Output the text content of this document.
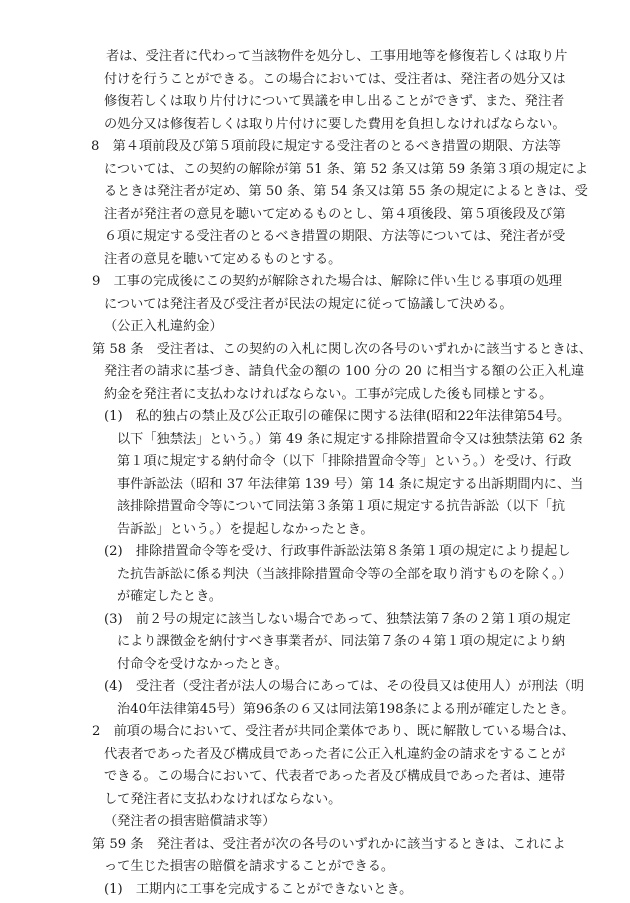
者は、受注者に代わって当該物件を処分し、工事用地等を修復若しくは取り片
付けを行うことができる。この場合においては、受注者は、発注者の処分又は
修復若しくは取り片付けについて異議を申し出ることができず、また、発注者
の処分又は修復若しくは取り片付けに要した費用を負担しなければならない。
8　第４項前段及び第５項前段に規定する受注者のとるべき措置の期限、方法等
については、この契約の解除が第 51 条、第 52 条又は第 59 条第３項の規定によ
るときは発注者が定め、第 50 条、第 54 条又は第 55 条の規定によるときは、受
注者が発注者の意見を聴いて定めるものとし、第４項後段、第５項後段及び第
６項に規定する受注者のとるべき措置の期限、方法等については、発注者が受
注者の意見を聴いて定めるものとする。
9　工事の完成後にこの契約が解除された場合は、解除に伴い生じる事項の処理
については発注者及び受注者が民法の規定に従って協議して決める。
（公正入札違約金）
第 58 条　受注者は、この契約の入札に関し次の各号のいずれかに該当するときは、
発注者の請求に基づき、請負代金の額の 100 分の 20 に相当する額の公正入札違
約金を発注者に支払わなければならない。工事が完成した後も同様とする。
(1)　私的独占の禁止及び公正取引の確保に関する法律(昭和22年法律第54号。
以下「独禁法」という。）第 49 条に規定する排除措置命令又は独禁法第 62 条
第１項に規定する納付命令（以下「排除措置命令等」という。）を受け、行政
事件訴訟法（昭和 37 年法律第 139 号）第 14 条に規定する出訴期間内に、当
該排除措置命令等について同法第３条第１項に規定する抗告訴訟（以下「抗
告訴訟」という。）を提起しなかったとき。
(2)　排除措置命令等を受け、行政事件訴訟法第８条第１項の規定により提起し
た抗告訴訟に係る判決（当該排除措置命令等の全部を取り消すものを除く。）
が確定したとき。
(3)　前２号の規定に該当しない場合であって、独禁法第７条の２第１項の規定
により課徴金を納付すべき事業者が、同法第７条の４第１項の規定により納
付命令を受けなかったとき。
(4)　受注者（受注者が法人の場合にあっては、その役員又は使用人）が刑法（明
治40年法律第45号）第96条の６又は同法第198条による刑が確定したとき。
2　前項の場合において、受注者が共同企業体であり、既に解散している場合は、
代表者であった者及び構成員であった者に公正入札違約金の請求をすることが
できる。この場合において、代表者であった者及び構成員であった者は、連帯
して発注者に支払わなければならない。
（発注者の損害賠償請求等）
第 59 条　発注者は、受注者が次の各号のいずれかに該当するときは、これによ
って生じた損害の賠償を請求することができる。
(1)　工期内に工事を完成することができないとき。
